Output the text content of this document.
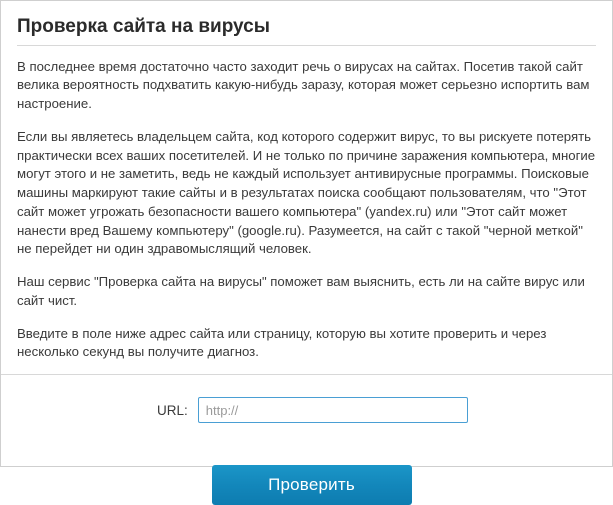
Проверка сайта на вирусы

В последнее время достаточно часто заходит речь о вирусах на сайтах. Посетив такой сайт велика вероятность подхватить какую-нибудь заразу, которая может серьезно испортить вам настроение.

Если вы являетесь владельцем сайта, код которого содержит вирус, то вы рискуете потерять практически всех ваших посетителей. И не только по причине заражения компьютера, многие могут этого и не заметить, ведь не каждый использует антивирусные программы. Поисковые машины маркируют такие сайты и в результатах поиска сообщают пользователям, что "Этот сайт может угрожать безопасности вашего компьютера" (yandex.ru) или "Этот сайт может нанести вред Вашему компьютеру" (google.ru). Разумеется, на сайт с такой "черной меткой" не перейдет ни один здравомыслящий человек.

Наш сервис "Проверка сайта на вирусы" поможет вам выяснить, есть ли на сайте вирус или сайт чист.

Введите в поле ниже адрес сайта или страницу, которую вы хотите проверить и через несколько секунд вы получите диагноз.

URL:
http://
Проверить
